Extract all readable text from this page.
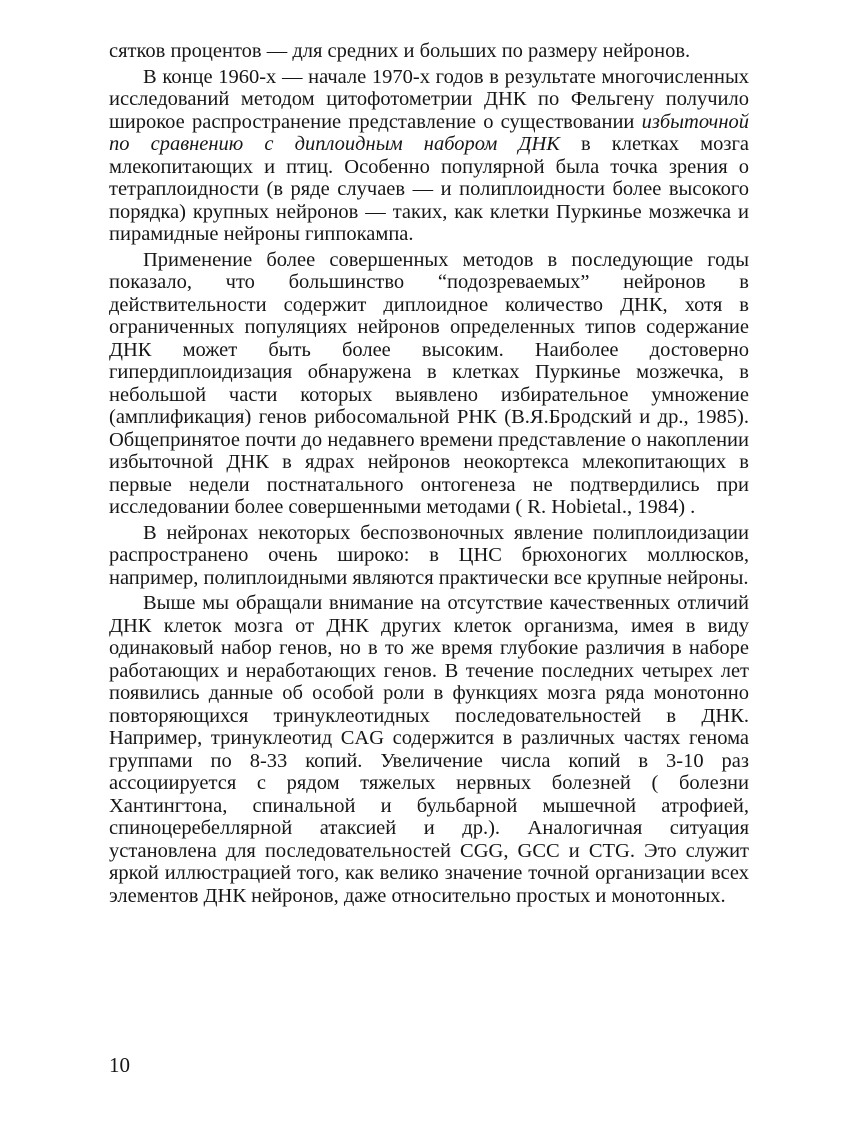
сятков процентов — для средних и больших по размеру нейронов.

В конце 1960-х — начале 1970-х годов в результате многочисленных исследований методом цитофотометрии ДНК по Фельгену получило широкое распространение представление о существовании избыточной по сравнению с диплоидным набором ДНК в клетках мозга млекопитающих и птиц. Особенно популярной была точка зрения о тетраплоидности (в ряде случаев — и полиплоидности более высокого порядка) крупных нейронов — таких, как клетки Пуркинье мозжечка и пирамидные нейроны гиппокампа.

Применение более совершенных методов в последующие годы показало, что большинство “подозреваемых” нейронов в действительности содержит диплоидное количество ДНК, хотя в ограниченных популяциях нейронов определенных типов содержание ДНК может быть более высоким. Наиболее достоверно гипердиплоидизация обнаружена в клетках Пуркинье мозжечка, в небольшой части которых выявлено избирательное умножение (амплификация) генов рибосомальной РНК (В.Я.Бродский и др., 1985). Общепринятое почти до недавнего времени представление о накоплении избыточной ДНК в ядрах нейронов неокортекса млекопитающих в первые недели постнатального онтогенеза не подтвердились при исследовании более совершенными методами ( R. Hobietal., 1984) .

В нейронах некоторых беспозвоночных явление полиплоидизации распространено очень широко: в ЦНС брюхоногих моллюсков, например, полиплоидными являются практически все крупные нейроны.

Выше мы обращали внимание на отсутствие качественных отличий ДНК клеток мозга от ДНК других клеток организма, имея в виду одинаковый набор генов, но в то же время глубокие различия в наборе работающих и неработающих генов. В течение последних четырех лет появились данные об особой роли в функциях мозга ряда монотонно повторяющихся тринуклеотидных последовательностей в ДНК. Например, тринуклеотид CAG содержится в различных частях генома группами по 8-33 копий. Увеличение числа копий в 3-10 раз ассоциируется с рядом тяжелых нервных болезней ( болезни Хантингтона, спинальной и бульбарной мышечной атрофией, спиноцеребеллярной атаксией и др.). Аналогичная ситуация установлена для последовательностей CGG, GCC и CTG. Это служит яркой иллюстрацией того, как велико значение точной организации всех элементов ДНК нейронов, даже относительно простых и монотонных.

10
